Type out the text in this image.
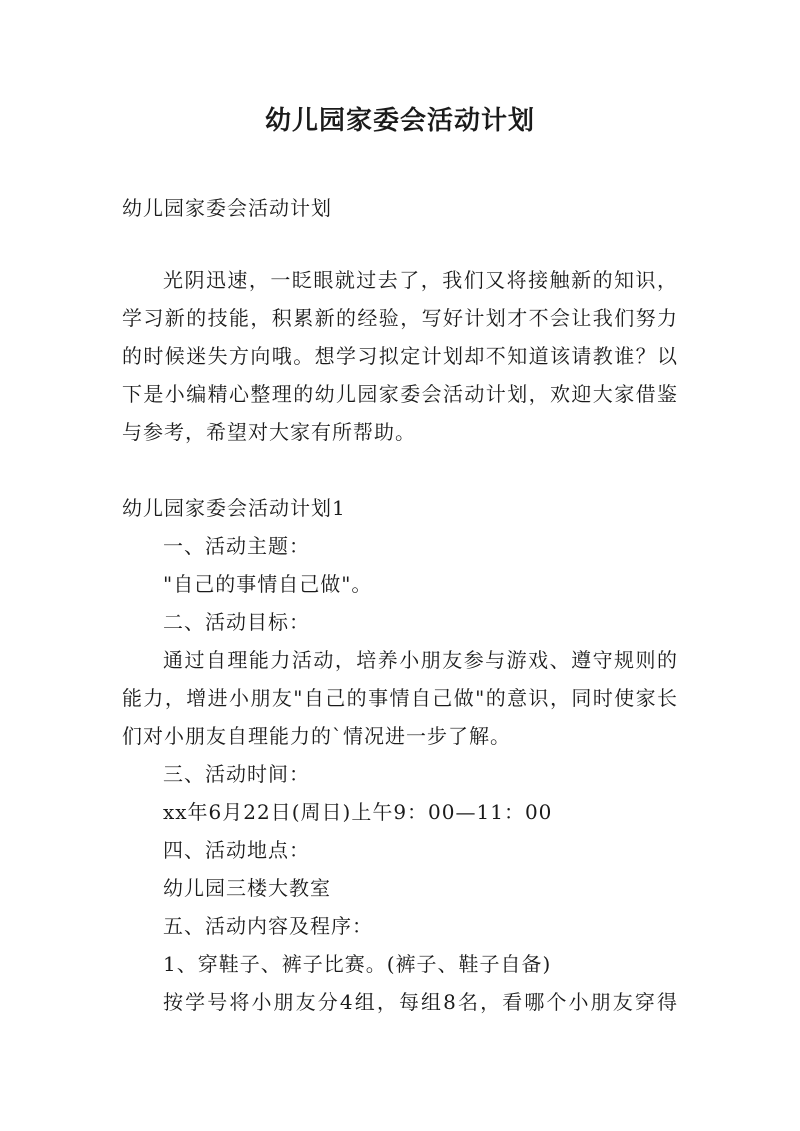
幼儿园家委会活动计划
幼儿园家委会活动计划
光阴迅速，一眨眼就过去了，我们又将接触新的知识，
学习新的技能，积累新的经验，写好计划才不会让我们努力
的时候迷失方向哦。想学习拟定计划却不知道该请教谁？以
下是小编精心整理的幼儿园家委会活动计划，欢迎大家借鉴
与参考，希望对大家有所帮助。
幼儿园家委会活动计划1
一、活动主题：
"自己的事情自己做"。
二、活动目标：
通过自理能力活动，培养小朋友参与游戏、遵守规则的
能力，增进小朋友"自己的事情自己做"的意识，同时使家长
们对小朋友自理能力的`情况进一步了解。
三、活动时间：
xx年6月22日(周日)上午9：00—11：00
四、活动地点：
幼儿园三楼大教室
五、活动内容及程序：
1、穿鞋子、裤子比赛。(裤子、鞋子自备)
按学号将小朋友分4组，每组8名，看哪个小朋友穿得
